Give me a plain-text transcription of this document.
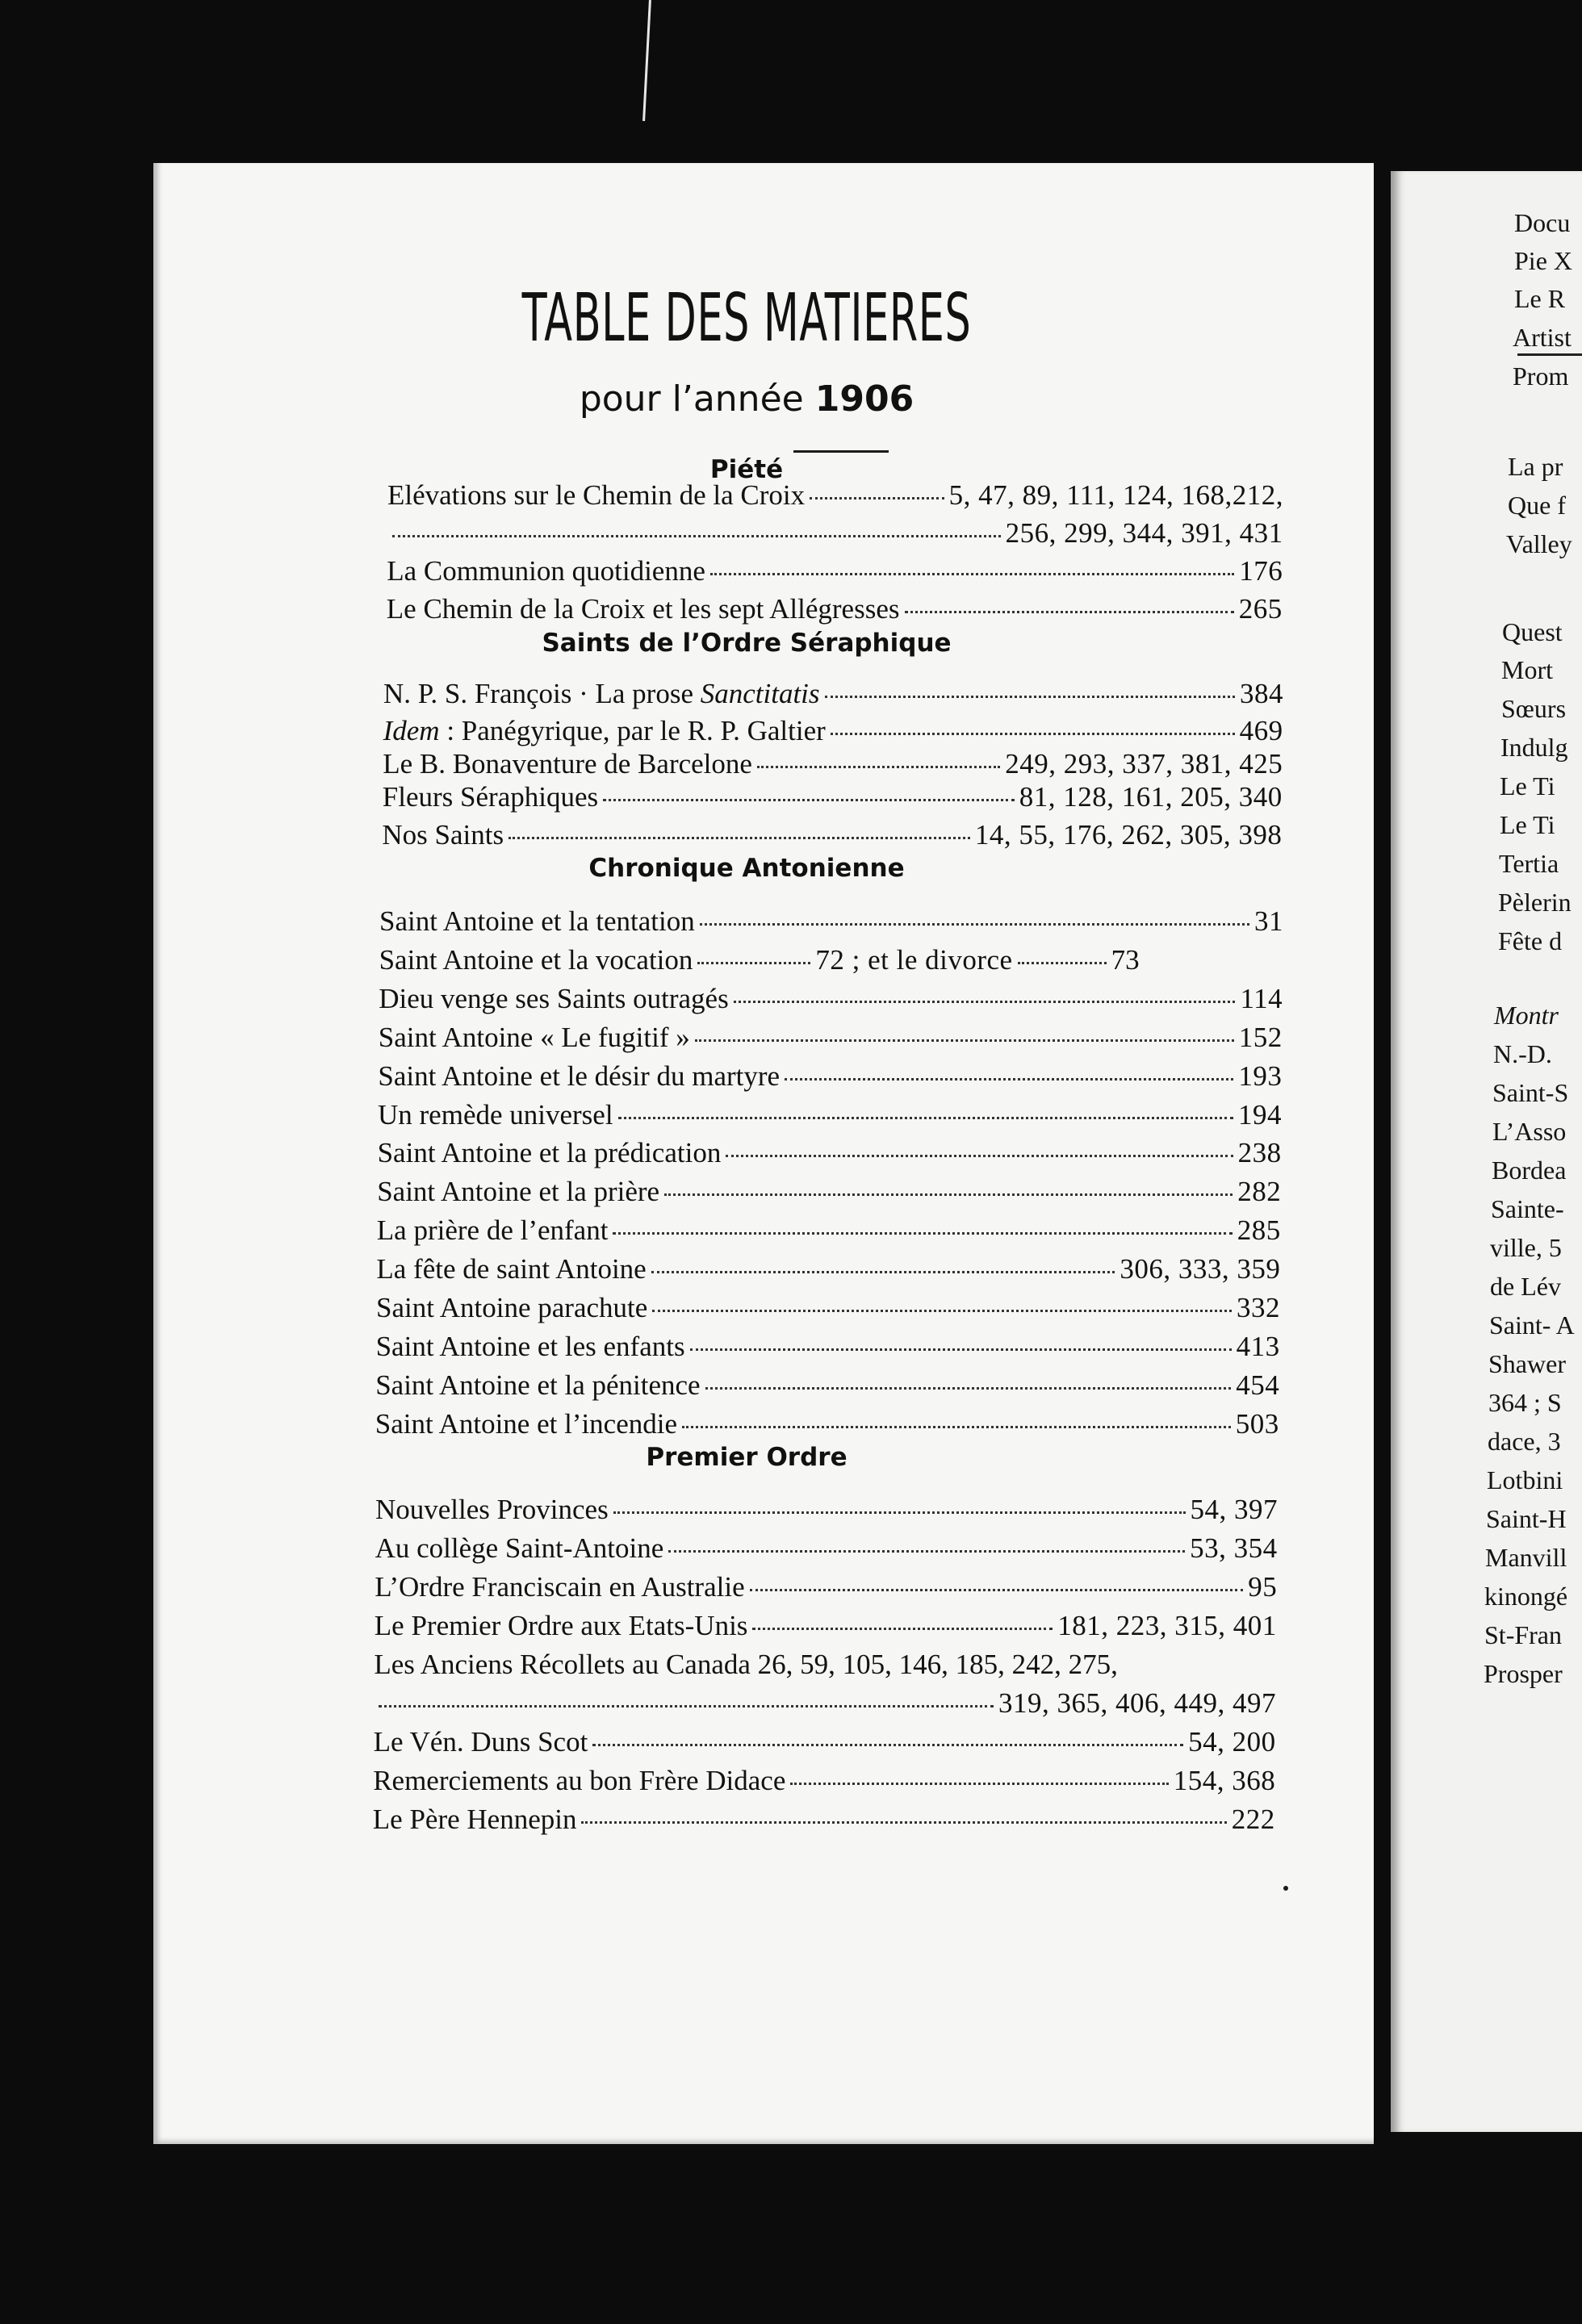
Docu
Pie X
Le R
Artist
Prom
La pr
Que f
Valley
Quest
Mort
Sœurs
Indulg
Le Ti
Le Ti
Tertia
Pèlerin
Fête d
Montr
N.-D.
Saint-S
L’Asso
Bordea
Sainte-
ville, 5
de Lév
Saint- A
Shawer
364 ; S
dace, 3
Lotbini
Saint-H
Manvill
kinongé
St-Fran
Prosper
TABLE DES MATIERES

pour l’année 1906

Piété
Elévations sur le Chemin de la Croix	5, 47, 89, 111, 124, 168,212,
256, 299, 344, 391, 431
La Communion quotidienne	176
Le Chemin de la Croix et les sept Allégresses	265
Saints de l’Ordre Séraphique
N. P. S. François · La prose Sanctitatis	384
Idem : Panégyrique, par le R. P. Galtier	469
Le B. Bonaventure de Barcelone	249, 293, 337, 381, 425
Fleurs Séraphiques	81, 128, 161, 205, 340
Nos Saints	14, 55, 176, 262, 305, 398
Chronique Antonienne
Saint Antoine et la tentation	31
Saint Antoine et la vocation	72 ; et le divorce	73
Dieu venge ses Saints outragés	114
Saint Antoine « Le fugitif »	152
Saint Antoine et le désir du martyre	193
Un remède universel	194
Saint Antoine et la prédication	238
Saint Antoine et la prière	282
La prière de l’enfant	285
La fête de saint Antoine	306, 333, 359
Saint Antoine parachute	332
Saint Antoine et les enfants	413
Saint Antoine et la pénitence	454
Saint Antoine et l’incendie	503
Premier Ordre
Nouvelles Provinces	54, 397
Au collège Saint-Antoine	53, 354
L’Ordre Franciscain en Australie	95
Le Premier Ordre aux Etats-Unis	181, 223, 315, 401
Les Anciens Récollets au Canada 26, 59, 105, 146, 185, 242, 275,
319, 365, 406, 449, 497
Le Vén. Duns Scot	54, 200
Remerciements au bon Frère Didace	154, 368
Le Père Hennepin	222
